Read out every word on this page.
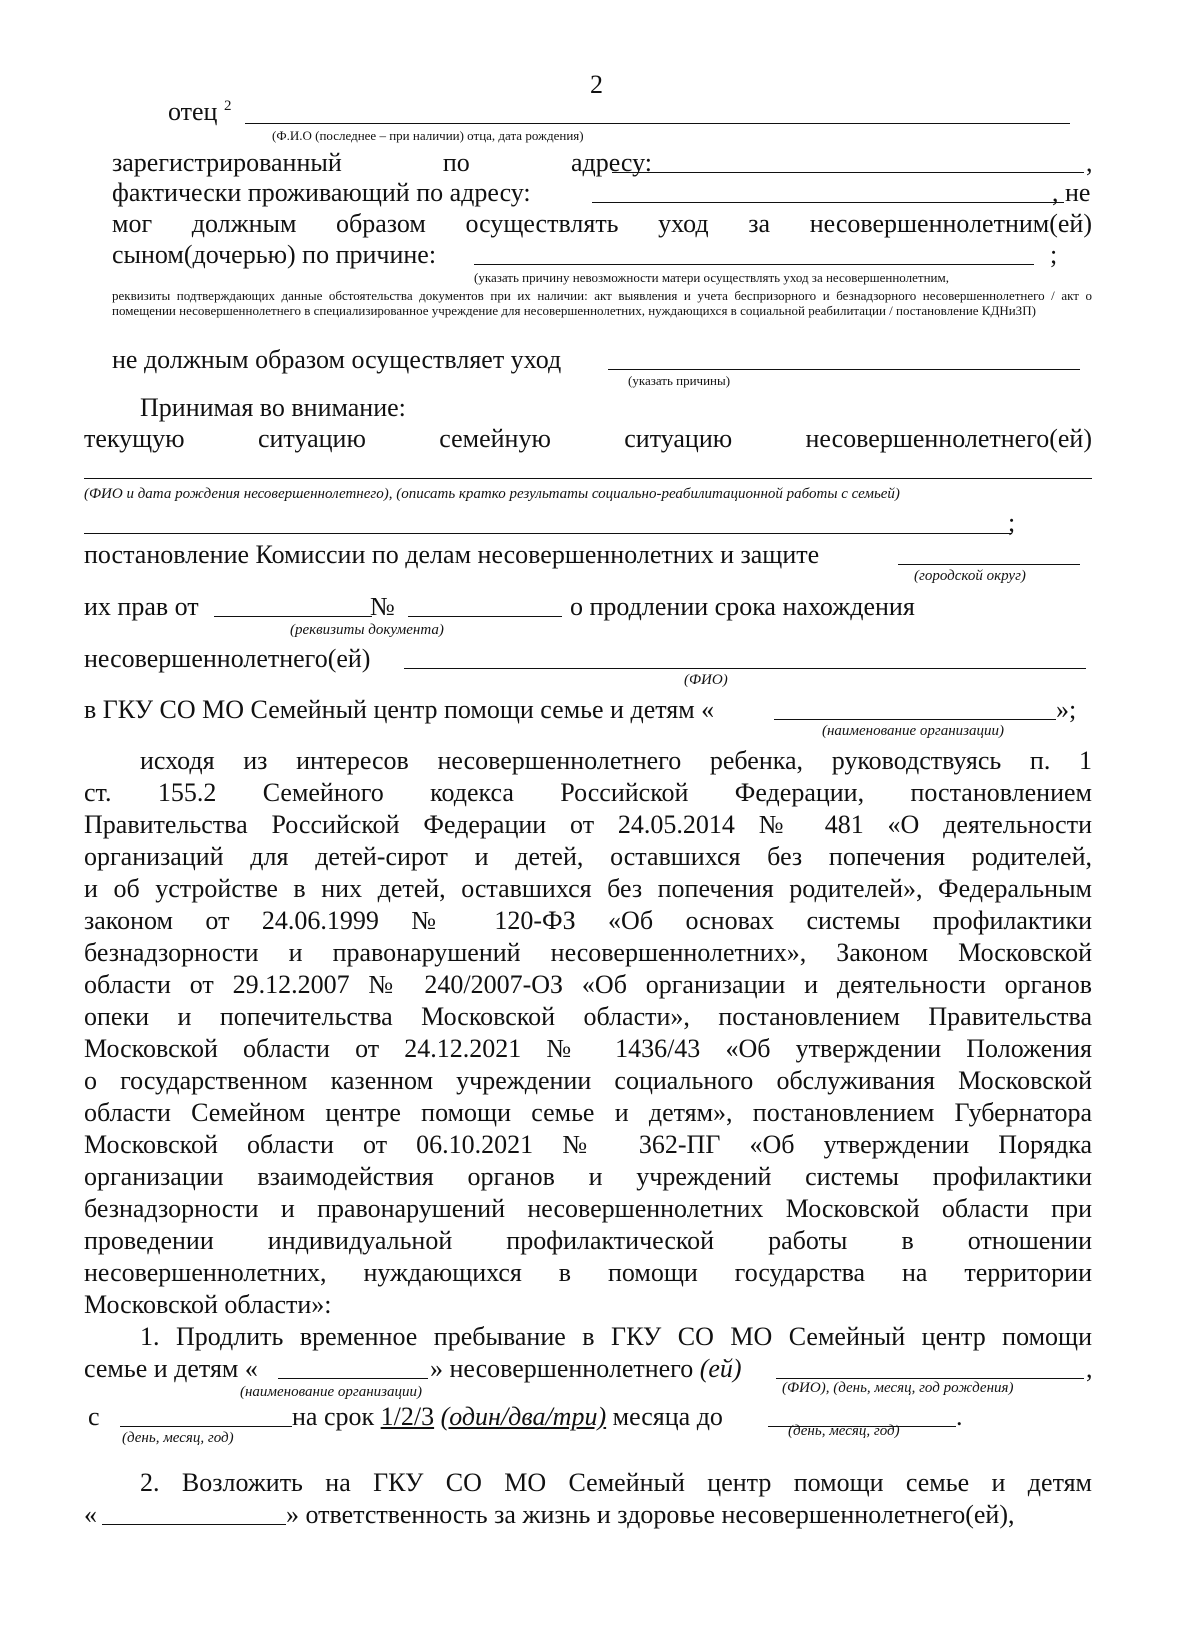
2
отец $^2$
(Ф.И.О (последнее – при наличии) отца, дата рождения)
зарегистрированный по адресу:	,
фактически проживающий по адресу:	, не
мог должным образом осуществлять уход за несовершеннолетним(ей)
сыном(дочерью) по причине:	;
(указать причину невозможности матери осуществлять уход за несовершеннолетним,
реквизиты подтверждающих данные обстоятельства документов при их наличии: акт выявления и учета беспризорного и безнадзорного несовершеннолетнего / акт о помещении несовершеннолетнего в специализированное учреждение для несовершеннолетних, нуждающихся в социальной реабилитации / постановление КДНиЗП)
не должным образом осуществляет уход
(указать причины)
Принимая во внимание:
текущую ситуацию семейную ситуацию несовершеннолетнего(ей)
(ФИО и дата рождения несовершеннолетнего), (описать кратко результаты социально-реабилитационной работы с семьей)
;
постановление Комиссии по делам несовершеннолетних и защите
(городской округ)
их прав от	№	о продлении срока нахождения
(реквизиты документа)
несовершеннолетнего(ей)
(ФИО)
в ГКУ СО МО Семейный центр помощи семье и детям «	»;
(наименование организации)
исходя из интересов несовершеннолетнего ребенка, руководствуясь п. 1
ст. 155.2 Семейного кодекса Российской Федерации, постановлением
Правительства Российской Федерации от 24.05.2014 № 481 «О деятельности
организаций для детей-сирот и детей, оставшихся без попечения родителей,
и об устройстве в них детей, оставшихся без попечения родителей», Федеральным
законом от 24.06.1999 № 120-ФЗ «Об основах системы профилактики
безнадзорности и правонарушений несовершеннолетних», Законом Московской
области от 29.12.2007 № 240/2007-ОЗ «Об организации и деятельности органов
опеки и попечительства Московской области», постановлением Правительства
Московской области от 24.12.2021 № 1436/43 «Об утверждении Положения
о государственном казенном учреждении социального обслуживания Московской
области Семейном центре помощи семье и детям», постановлением Губернатора
Московской области от 06.10.2021 № 362-ПГ «Об утверждении Порядка
организации взаимодействия органов и учреждений системы профилактики
безнадзорности и правонарушений несовершеннолетних Московской области при
проведении индивидуальной профилактической работы в отношении
несовершеннолетних, нуждающихся в помощи государства на территории
Московской области»:
1. Продлить временное пребывание в ГКУ СО МО Семейный центр помощи
семье и детям «	» несовершеннолетнего (ей)	,
(наименование организации)	(ФИО), (день, месяц, год рождения)
с	на срок 1/2/3 (один/два/три) месяца до	.
(день, месяц, год)	(день, месяц, год)
2. Возложить на ГКУ СО МО Семейный центр помощи семье и детям
«	» ответственность за жизнь и здоровье несовершеннолетнего(ей),
